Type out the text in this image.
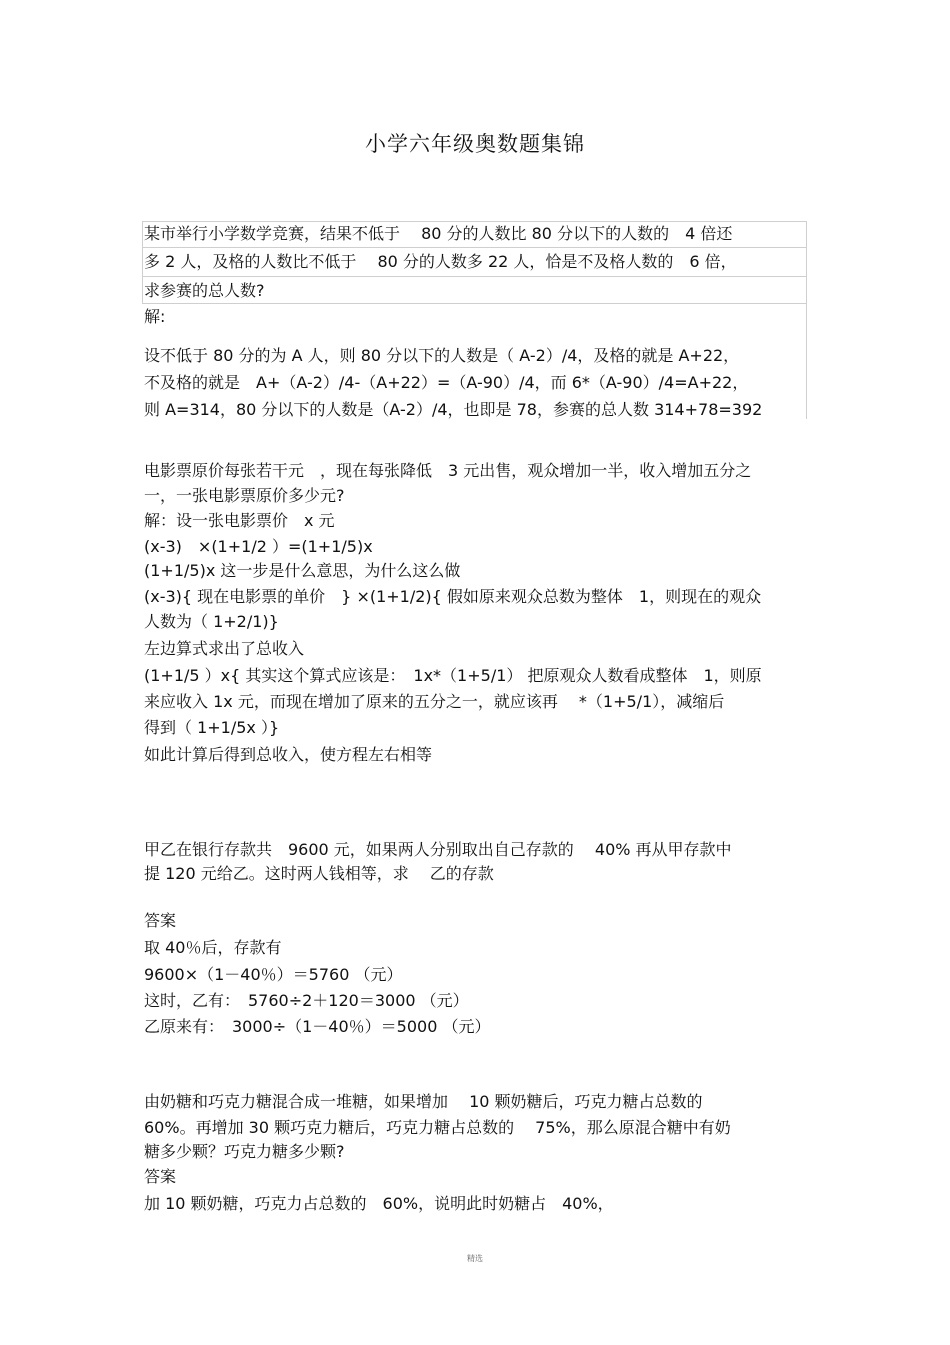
小学六年级奥数题集锦
某市举行小学数学竞赛，结果不低于　 80 分的人数比 80 分以下的人数的　4 倍还
多 2 人，及格的人数比不低于　 80 分的人数多 22 人，恰是不及格人数的　6 倍，
求参赛的总人数?
解:
设不低于 80 分的为 A 人，则 80 分以下的人数是（ A-2）/4，及格的就是 A+22，
不及格的就是　A+（A-2）/4-（A+22）=（A-90）/4，而 6*（A-90）/4=A+22，
则 A=314，80 分以下的人数是（A-2）/4，也即是 78，参赛的总人数 314+78=392
电影票原价每张若干元　，现在每张降低　3 元出售，观众增加一半，收入增加五分之
一，一张电影票原价多少元?
解：设一张电影票价　x 元
(x-3)　×(1+1/2 ）=(1+1/5)x
(1+1/5)x 这一步是什么意思，为什么这么做
(x-3){ 现在电影票的单价　} ×(1+1/2){ 假如原来观众总数为整体　1，则现在的观众
人数为（ 1+2/1)}
左边算式求出了总收入
(1+1/5 ）x{ 其实这个算式应该是：　1x*（1+5/1） 把原观众人数看成整体　1，则原
来应收入 1x 元，而现在增加了原来的五分之一，就应该再　 *（1+5/1），减缩后
得到（ 1+1/5x ）}
如此计算后得到总收入，使方程左右相等
甲乙在银行存款共　9600 元，如果两人分别取出自己存款的　 40% 再从甲存款中
提 120 元给乙。这时两人钱相等，求　 乙的存款
答案
取 40％后，存款有
9600×（1－40％）＝5760 （元）
这时，乙有：　5760÷2＋120＝3000 （元）
乙原来有：　3000÷（1－40％）＝5000 （元）
由奶糖和巧克力糖混合成一堆糖，如果增加　 10 颗奶糖后，巧克力糖占总数的
60%。再增加 30 颗巧克力糖后，巧克力糖占总数的　 75%，那么原混合糖中有奶
糖多少颗？巧克力糖多少颗?
答案
加 10 颗奶糖，巧克力占总数的　60%，说明此时奶糖占　40%，
精选
